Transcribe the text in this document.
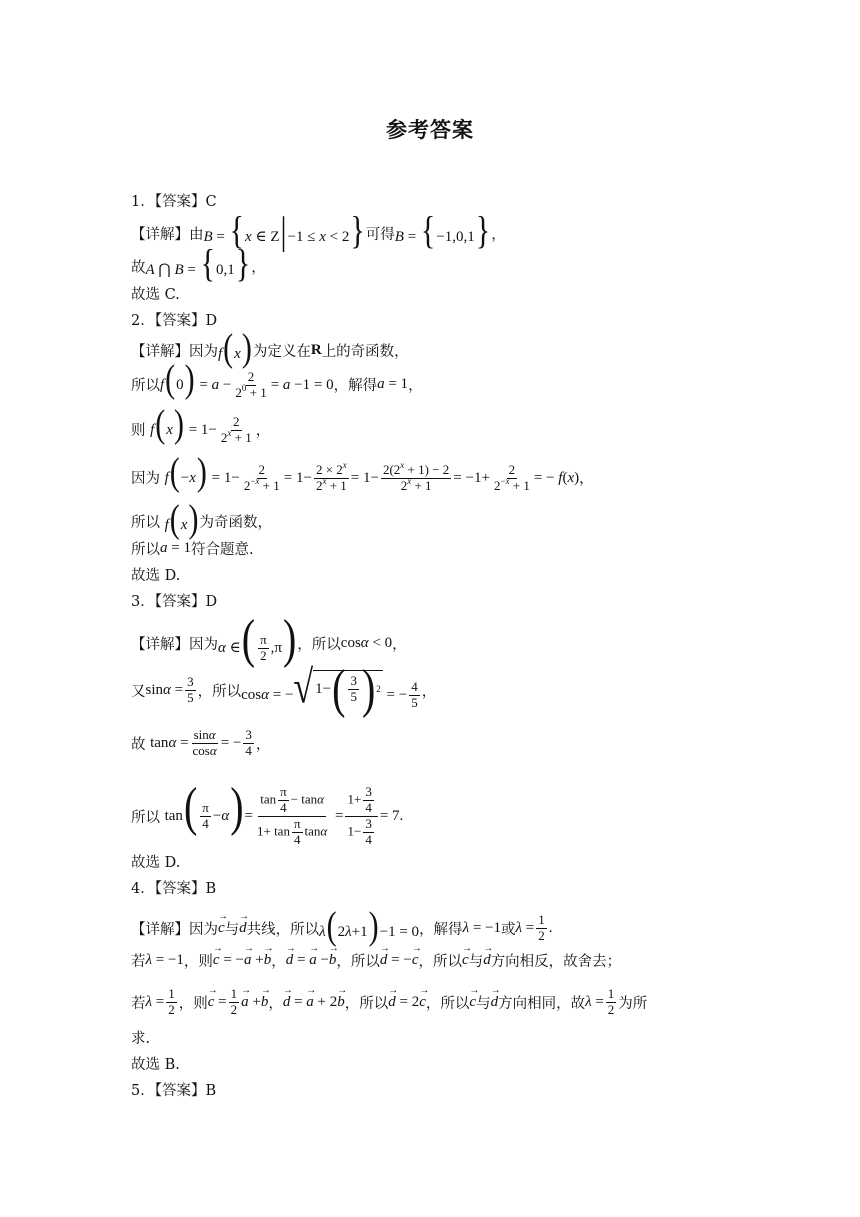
参考答案
1．【答案】C
【详解】由 B = {x ∈ Z|−1 ≤ x < 2} 可得 B = {−1,0,1} ，
故 A ⋂ B = {0,1} ，
故选 C.
2．【答案】D
【详解】因为 f(x) 为定义在 R 上的奇函数，
所以 $f(0) = a - \frac{2}{2^0 + 1} = a -1 = 0$ ，解得 a = 1 ，
则
$f(x) = 1- \frac{2}{2^x + 1}$ ，
因为
$f(-x) = 1- \frac{2}{2^{-x} + 1} = 1- \frac{2 \times 2^x}{2^x + 1} = 1- \frac{2(2^x + 1) - 2}{2^x + 1} = -1+ \frac{2}{2^{-x} + 1}$ = − f(x) ，
所以
f(x) 为奇函数，
所以 a = 1 符合题意.
故选 D.
3．【答案】D
【详解】因为 α ∈( $\frac{\pi}{2} ,\pi$) ，所以 cosα < 0 ，
又 $\sin\alpha = \frac{3}{5}$ ，所以 cosα = − √ 1− ( $\frac{3}{5}$ ) 2 = − $\frac{4}{5}$ ，
故
$\tan\alpha = \frac{\sin\alpha}{\cos\alpha}$ = − $\frac{3}{4}$ ，
所以
$\tan( \frac{\pi}{4} -\alpha)= \frac{\tan \frac{\pi}{4} - \tan\alpha}{1+ \tan \frac{\pi}{4} \tan\alpha} = \frac{1+ \frac{3}{4}}{1- \frac{3}{4}} = 7$.
故选 D.
4．【答案】B
【详解】因为
→ c 与
→ d 共线，所以 λ(2λ+1)−1 = 0 ，解得 λ = −1 或 $\lambda = \frac{1}{2}$ .
若 λ = −1 ，则
→ c = −→ a +→ b ，
→ d = → a −→ b ，所以
→ d = −→ c ，所以
→ c 与
→ d 方向相反，故舍去；
若 $\lambda = \frac{1}{2}$ ，则
→ $c = \frac{1}{2}$
→ a +→ b ，
→ d = → a + 2→ b ，所以
→ d = 2→ c ，所以
→ c 与
→ d 方向相同，故 $\lambda = \frac{1}{2}$ 为所
求.
故选 B.
5．【答案】B
